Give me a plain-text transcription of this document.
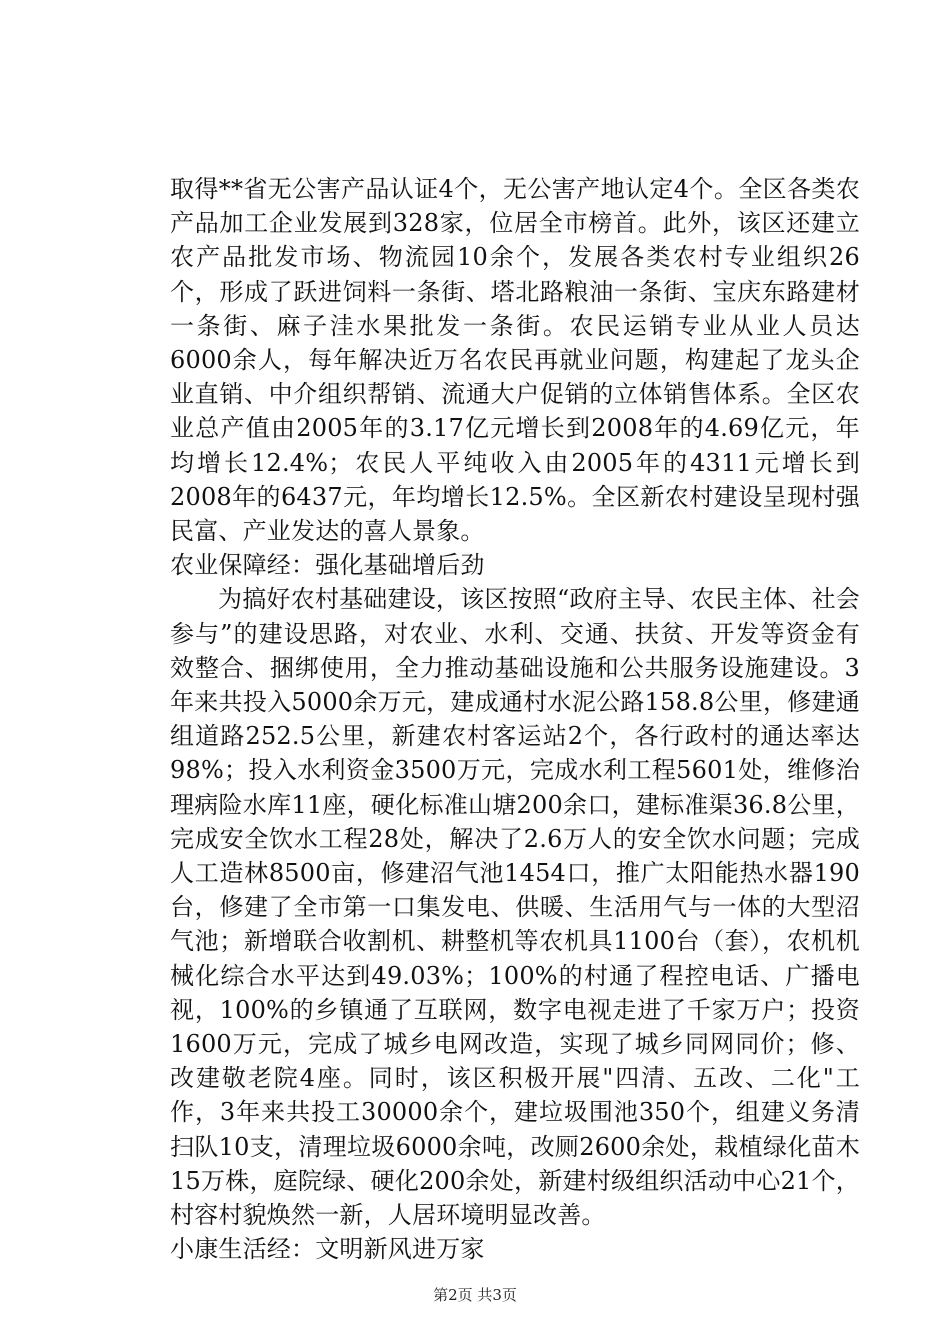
取得**省无公害产品认证4个，无公害产地认定4个。全区各类农产品加工企业发展到328家，位居全市榜首。此外，该区还建立农产品批发市场、物流园10余个，发展各类农村专业组织26个，形成了跃进饲料一条街、塔北路粮油一条街、宝庆东路建材一条街、麻子洼水果批发一条街。农民运销专业从业人员达6000余人，每年解决近万名农民再就业问题，构建起了龙头企业直销、中介组织帮销、流通大户促销的立体销售体系。全区农业总产值由2005年的3.17亿元增长到2008年的4.69亿元，年均增长12.4%；农民人平纯收入由2005年的4311元增长到2008年的6437元，年均增长12.5%。全区新农村建设呈现村强民富、产业发达的喜人景象。

农业保障经：强化基础增后劲

为搞好农村基础建设，该区按照“政府主导、农民主体、社会参与”的建设思路，对农业、水利、交通、扶贫、开发等资金有效整合、捆绑使用，全力推动基础设施和公共服务设施建设。3年来共投入5000余万元，建成通村水泥公路158.8公里，修建通组道路252.5公里，新建农村客运站2个，各行政村的通达率达98%；投入水利资金3500万元，完成水利工程5601处，维修治理病险水库11座，硬化标准山塘200余口，建标准渠36.8公里，完成安全饮水工程28处，解决了2.6万人的安全饮水问题；完成人工造林8500亩，修建沼气池1454口，推广太阳能热水器190台，修建了全市第一口集发电、供暖、生活用气与一体的大型沼气池；新增联合收割机、耕整机等农机具1100台（套），农机机械化综合水平达到49.03%；100%的村通了程控电话、广播电视，100%的乡镇通了互联网，数字电视走进了千家万户；投资1600万元，完成了城乡电网改造，实现了城乡同网同价；修、改建敬老院4座。同时，该区积极开展"四清、五改、二化"工作，3年来共投工30000余个，建垃圾围池350个，组建义务清扫队10支，清理垃圾6000余吨，改厕2600余处，栽植绿化苗木15万株，庭院绿、硬化200余处，新建村级组织活动中心21个，村容村貌焕然一新，人居环境明显改善。

小康生活经：文明新风进万家

第2页 共3页
